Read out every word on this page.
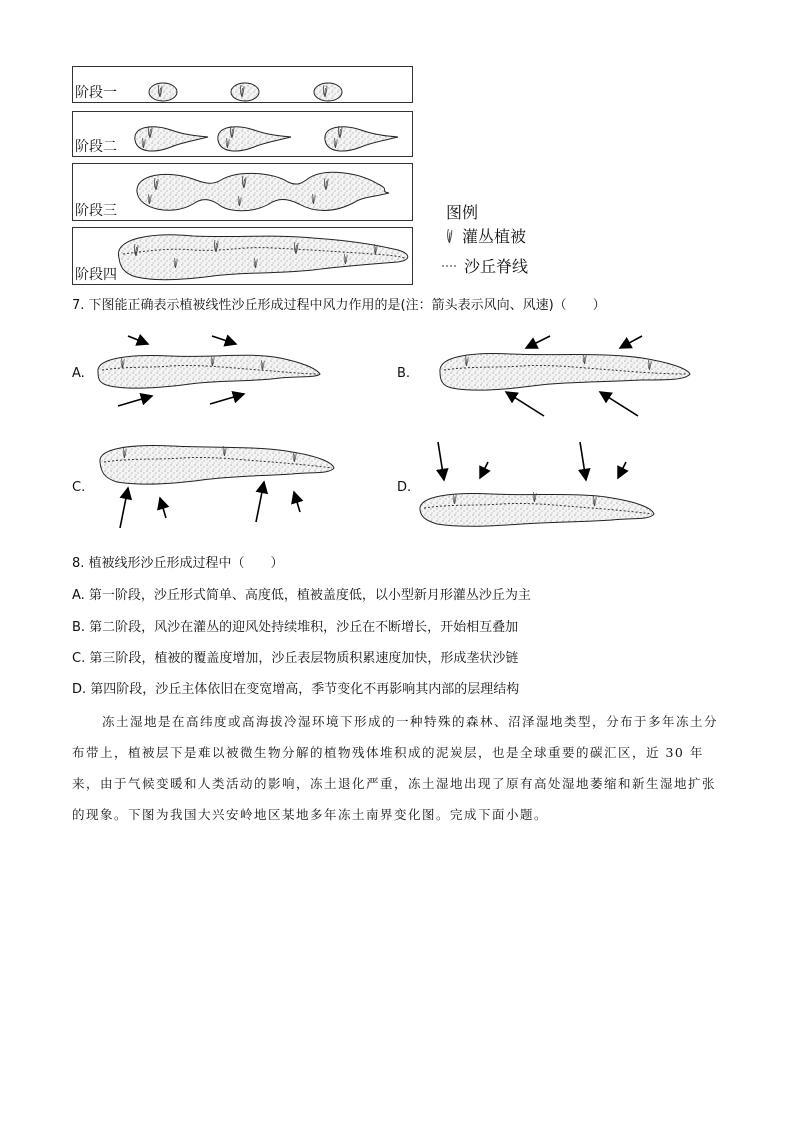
阶段一
阶段二
阶段三
阶段四
图例
灌丛植被
沙丘脊线
7. 下图能正确表示植被线性沙丘形成过程中风力作用的是(注：箭头表示风向、风速)（　　）
A.	B.
C.	D.
8. 植被线形沙丘形成过程中（　　）
A. 第一阶段，沙丘形式简单、高度低，植被盖度低，以小型新月形灌丛沙丘为主
B. 第二阶段，风沙在灌丛的迎风处持续堆积，沙丘在不断增长，开始相互叠加
C. 第三阶段，植被的覆盖度增加，沙丘表层物质积累速度加快，形成垄状沙链
D. 第四阶段，沙丘主体依旧在变宽增高，季节变化不再影响其内部的层理结构
冻土湿地是在高纬度或高海拔冷湿环境下形成的一种特殊的森林、沼泽湿地类型，分布于多年冻土分
布带上，植被层下是难以被微生物分解的植物残体堆积成的泥炭层，也是全球重要的碳汇区，近 30 年
来，由于气候变暖和人类活动的影响，冻土退化严重，冻土湿地出现了原有高处湿地萎缩和新生湿地扩张
的现象。下图为我国大兴安岭地区某地多年冻土南界变化图。完成下面小题。
